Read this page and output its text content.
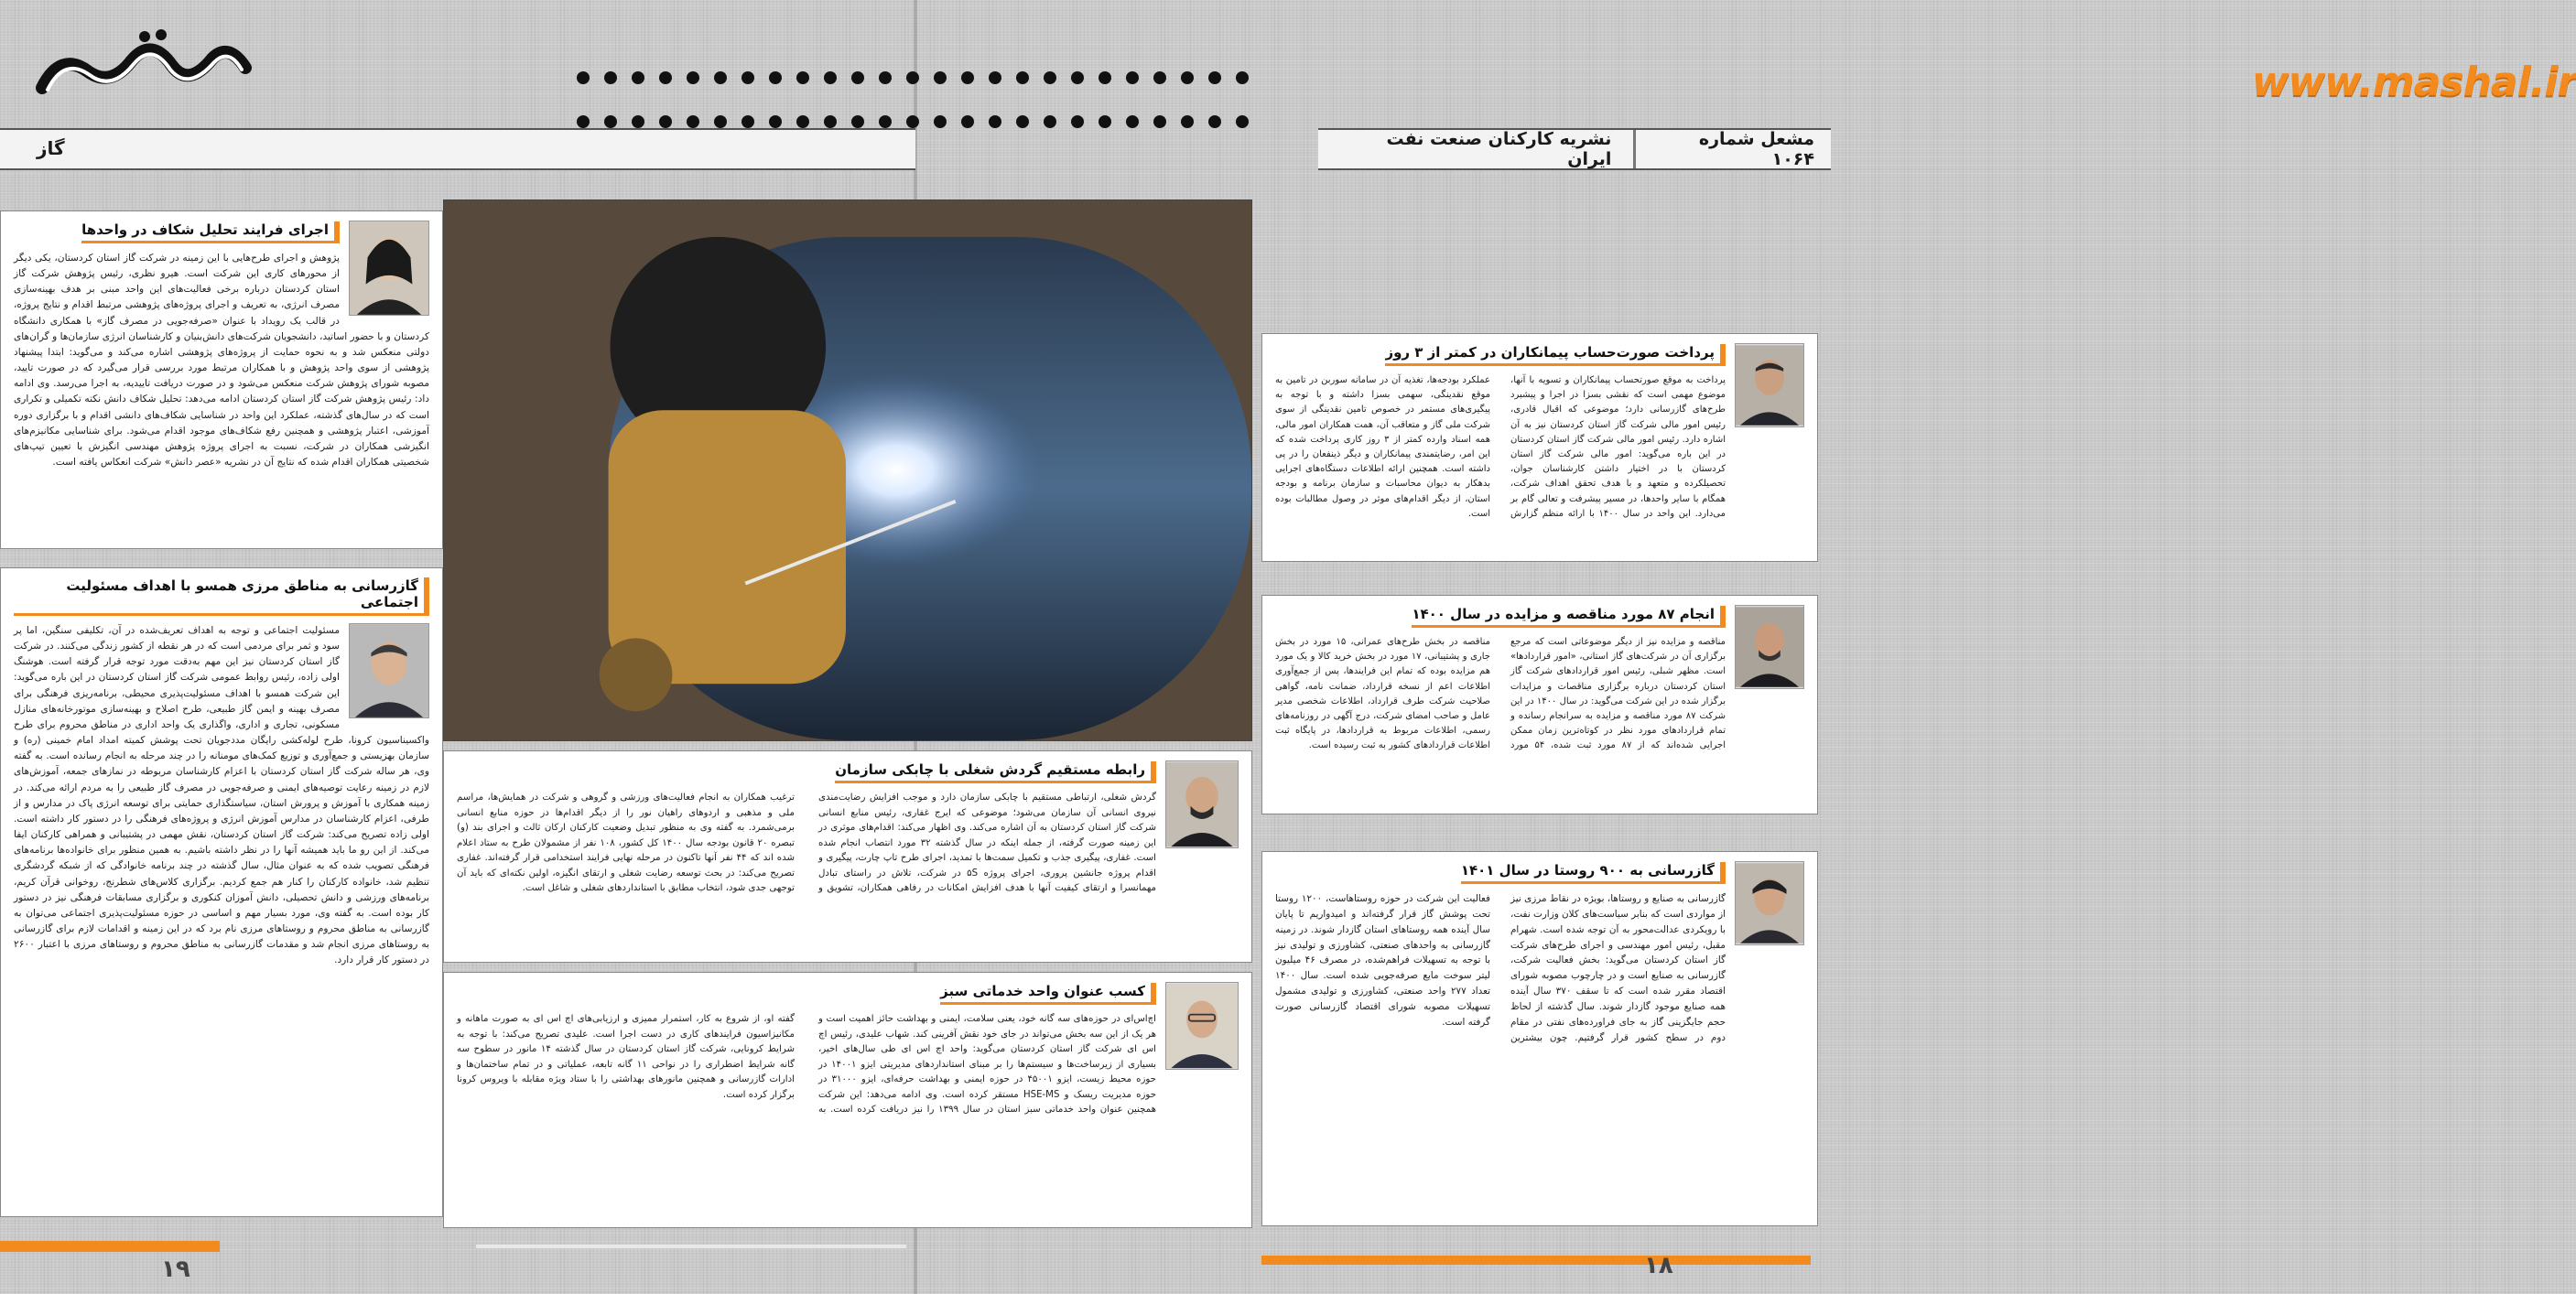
گاز
اجرای فرایند تحلیل شکاف در واحدها

پژوهش و اجرای طرح‌هایی با این زمینه در شرکت گاز استان کردستان، یکی دیگر از محورهای کاری این شرکت است. هیرو نظری، رئیس پژوهش شرکت گاز استان کردستان درباره برخی فعالیت‌های این واحد مبنی بر هدف بهینه‌سازی مصرف انرژی، به تعریف و اجرای پروژه‌های پژوهشی مرتبط اقدام و نتایج پروژه، در قالب یک رویداد با عنوان «صرفه‌جویی در مصرف گاز» با همکاری دانشگاه کردستان و با حضور اساتید، دانشجویان شرکت‌های دانش‌بنیان و کارشناسان انرژی سازمان‌ها و گران‌های دولتی منعکس شد و به نحوه حمایت از پروژه‌های پژوهشی اشاره می‌کند و می‌گوید: ابتدا پیشنهاد پژوهشی از سوی واحد پژوهش و با همکاران مرتبط مورد بررسی قرار می‌گیرد که در صورت تایید، مصوبه شورای پژوهش شرکت منعکس می‌شود و در صورت دریافت تاییدیه، به اجرا می‌رسد. وی ادامه داد: رئیس پژوهش شرکت گاز استان کردستان ادامه می‌دهد: تحلیل شکاف دانش نکته تکمیلی و تکراری است که در سال‌های گذشته، عملکرد این واحد در شناسایی شکاف‌های دانشی اقدام و با برگزاری دوره آموزشی، اعتبار پژوهشی و همچنین رفع شکاف‌های موجود اقدام می‌شود. برای شناسایی مکانیزم‌های انگیزشی همکاران در شرکت، نسبت به اجرای پروژه پژوهش مهندسی انگیزش با تعیین تیپ‌های شخصیتی همکاران اقدام شده که نتایج آن در نشریه «عصر دانش» شرکت انعکاس یافته است.

گازرسانی به مناطق مرزی همسو با اهداف مسئولیت اجتماعی

مسئولیت اجتماعی و توجه به اهداف تعریف‌شده در آن، تکلیفی سنگین، اما پر سود و ثمر برای مردمی است که در هر نقطه از کشور زندگی می‌کنند. در شرکت گاز استان کردستان نیز این مهم به‌دقت مورد توجه قرار گرفته است. هوشنگ اولی زاده، رئیس روابط عمومی شرکت گاز استان کردستان در این باره می‌گوید: این شرکت همسو با اهداف مسئولیت‌پذیری محیطی، برنامه‌ریزی فرهنگی برای مصرف بهینه و ایمن گاز طبیعی، طرح اصلاح و بهینه‌سازی موتورخانه‌های منازل مسکونی، تجاری و اداری، واگذاری یک واحد اداری در مناطق محروم برای طرح واکسیناسیون کرونا، طرح لوله‌کشی رایگان مددجویان تحت پوشش کمیته امداد امام خمینی (ره) و سازمان بهزیستی و جمع‌آوری و توزیع کمک‌های مومنانه را در چند مرحله به انجام رسانده است. به گفته وی، هر ساله شرکت گاز استان کردستان با اعزام کارشناسان مربوطه در نمازهای جمعه، آموزش‌های لازم در زمینه رعایت توصیه‌های ایمنی و صرفه‌جویی در مصرف گاز طبیعی را به مردم ارائه می‌کند. در زمینه همکاری با آموزش و پرورش استان، سیاستگذاری حمایتی برای توسعه انرژی پاک در مدارس و از طرفی، اعزام کارشناسان در مدارس آموزش انرژی و پروژه‌های فرهنگی را در دستور کار داشته است. اولی زاده تصریح می‌کند: شرکت گاز استان کردستان، نقش مهمی در پشتیبانی و همراهی کارکنان ایفا می‌کند. از این رو ما باید همیشه آنها را در نظر داشته باشیم. به همین منظور برای خانواده‌ها برنامه‌های فرهنگی تصویب شده که به عنوان مثال، سال گذشته در چند برنامه خانوادگی که از شبکه گردشگری تنظیم شد، خانواده کارکنان را کنار هم جمع کردیم. برگزاری کلاس‌های شطرنج، روخوانی قرآن کریم، برنامه‌های ورزشی و دانش تحصیلی، دانش آموزان کنکوری و برگزاری مسابقات فرهنگی نیز در دستور کار بوده است. به گفته وی، مورد بسیار مهم و اساسی در حوزه مسئولیت‌پذیری اجتماعی می‌توان به گازرسانی به مناطق محروم و روستاهای مرزی نام برد که در این زمینه و اقدامات لازم برای گازرسانی به روستاهای مرزی انجام شد و مقدمات گازرسانی به مناطق محروم و روستاهای مرزی با اعتبار ۲۶۰۰ در دستور کار قرار دارد.

۱۹
رابطه مستقیم گردش شغلی با چابکی سازمان

گردش شغلی، ارتباطی مستقیم با چابکی سازمان دارد و موجب افزایش رضایت‌مندی نیروی انسانی آن سازمان می‌شود؛ موضوعی که ایرج غفاری، رئیس منابع انسانی شرکت گاز استان کردستان به آن اشاره می‌کند. وی اظهار می‌کند: اقدام‌های موثری در این زمینه صورت گرفته، از جمله اینکه در سال گذشته ۳۲ مورد انتصاب انجام شده است. غفاری، پیگیری جذب و تکمیل سمت‌ها با تمدید، اجرای طرح تاپ چارت، پیگیری و اقدام پروژه جانشین پروری، اجرای پروژه ۵S در شرکت، تلاش در راستای تبادل مهمانسرا و ارتقای کیفیت آنها با هدف افزایش امکانات در رفاهی همکاران، تشویق و ترغیب همکاران به انجام فعالیت‌های ورزشی و گروهی و شرکت در همایش‌ها، مراسم ملی و مذهبی و اردوهای راهیان نور را از دیگر اقدام‌ها در حوزه منابع انسانی برمی‌شمرد. به گفته وی به منظور تبدیل وضعیت کارکنان ارکان ثالث و اجرای بند (و) تبصره ۲۰ قانون بودجه سال ۱۴۰۰ کل کشور، ۱۰۸ نفر از مشمولان طرح به ستاد اعلام شده اند که ۴۴ نفر آنها تاکنون در مرحله نهایی فرایند استخدامی قرار گرفته‌اند. غفاری تصریح می‌کند: در بحث توسعه رضایت شغلی و ارتقای انگیزه، اولین نکته‌ای که باید آن توجهی جدی شود، انتخاب مطابق با استانداردهای شغلی و شاغل است.

کسب عنوان واحد خدماتی سبز

اچ‌اس‌ای در حوزه‌های سه گانه خود، یعنی سلامت، ایمنی و بهداشت حائز اهمیت است و هر یک از این سه بخش می‌تواند در جای خود نقش آفرینی کند. شهاب علیدی، رئیس اچ اس ای شرکت گاز استان کردستان می‌گوید: واحد اچ اس ای طی سال‌های اخیر، بسیاری از زیرساخت‌ها و سیستم‌ها را بر مبنای استانداردهای مدیریتی ایزو ۱۴۰۰۱ در حوزه محیط زیست، ایزو ۴۵۰۰۱ در حوزه ایمنی و بهداشت حرفه‌ای، ایزو ۳۱۰۰۰ در حوزه مدیریت ریسک و HSE-MS مستقر کرده است. وی ادامه می‌دهد: این شرکت همچنین عنوان واحد خدماتی سبز استان در سال ۱۳۹۹ را نیز دریافت کرده است. به گفته او، از شروع به کار، استمرار ممیزی و ارزیابی‌های اچ اس ای به صورت ماهانه و مکانیزاسیون فرایندهای کاری در دست اجرا است. علیدی تصریح می‌کند: با توجه به شرایط کرونایی، شرکت گاز استان کردستان در سال گذشته ۱۴ مانور در سطوح سه گانه شرایط اضطراری را در نواحی ۱۱ گانه تابعه، عملیاتی و در تمام ساختمان‌ها و ادارات گازرسانی و همچنین مانورهای بهداشتی را با ستاد ویژه مقابله با ویروس کرونا برگزار کرده است.

www.mashal.ir
مشعل شماره ۱۰۶۴
نشریه کارکنان صنعت نفت ایران
پرداخت صورت‌حساب پیمانکاران در کمتر از ۳ روز

پرداخت به موقع صورتحساب پیمانکاران و تسویه با آنها، موضوع مهمی است که نقشی بسزا در اجرا و پیشبرد طرح‌های گازرسانی دارد؛ موضوعی که اقبال قادری، رئیس امور مالی شرکت گاز استان کردستان نیز به آن اشاره دارد. رئیس امور مالی شرکت گاز استان کردستان در این باره می‌گوید: امور مالی شرکت گاز استان کردستان با در اختیار داشتن کارشناسان جوان، تحصیلکرده و متعهد و با هدف تحقق اهداف شرکت، همگام با سایر واحدها، در مسیر پیشرفت و تعالی گام بر می‌دارد. این واحد در سال ۱۴۰۰ با ارائه منظم گزارش عملکرد بودجه‌ها، تغذیه آن در سامانه سوربن در تامین به موقع نقدینگی، سهمی بسزا داشته و با توجه به پیگیری‌های مستمر در خصوص تامین نقدینگی از سوی شرکت ملی گاز و متعاقب آن، همت همکاران امور مالی، همه اسناد وارده کمتر از ۳ روز کاری پرداخت شده که این امر، رضایتمندی پیمانکاران و دیگر ذینفعان را در پی داشته است. همچنین ارائه اطلاعات دستگاه‌های اجرایی بدهکار به دیوان محاسبات و سازمان برنامه و بودجه استان، از دیگر اقدام‌های موثر در وصول مطالبات بوده است.

انجام ۸۷ مورد مناقصه و مزایده در سال ۱۴۰۰

مناقصه و مزایده نیز از دیگر موضوعاتی است که مرجع برگزاری آن در شرکت‌های گاز استانی، «امور قراردادها» است. مظهر شبلی، رئیس امور قراردادهای شرکت گاز استان کردستان درباره برگزاری مناقصات و مزایدات برگزار شده در این شرکت می‌گوید: در سال ۱۴۰۰ در این شرکت ۸۷ مورد مناقصه و مزایده به سرانجام رسانده و تمام قراردادهای مورد نظر در کوتاه‌ترین زمان ممکن اجرایی شده‌اند که از ۸۷ مورد ثبت شده، ۵۴ مورد مناقصه در بخش طرح‌های عمرانی، ۱۵ مورد در بخش جاری و پشتیبانی، ۱۷ مورد در بخش خرید کالا و یک مورد هم مزایده بوده که تمام این فرایندها، پس از جمع‌آوری اطلاعات اعم از نسخه قرارداد، ضمانت نامه، گواهی صلاحیت شرکت طرف قرارداد، اطلاعات شخصی مدیر عامل و صاحب امضای شرکت، درج آگهی در روزنامه‌های رسمی، اطلاعات مربوط به قراردادها، در پایگاه ثبت اطلاعات قراردادهای کشور به ثبت رسیده است.

گازرسانی به ۹۰۰ روستا در سال ۱۴۰۱

گازرسانی به صنایع و روستاها، بویژه در نقاط مرزی نیز از مواردی است که بنابر سیاست‌های کلان وزارت نفت، با رویکردی عدالت‌محور به آن توجه شده است. شهرام مقبل، رئیس امور مهندسی و اجرای طرح‌های شرکت گاز استان کردستان می‌گوید: بخش فعالیت شرکت، گازرسانی به صنایع است و در چارچوب مصوبه شورای اقتصاد مقرر شده است که تا سقف ۳۷۰ سال آینده همه صنایع موجود گازدار شوند. سال گذشته از لحاظ حجم جایگزینی گاز به جای فراورده‌های نفتی در مقام دوم در سطح کشور قرار گرفتیم. چون بیشترین فعالیت این شرکت در حوزه روستاهاست، ۱۲۰۰ روستا تحت پوشش گاز قرار گرفته‌اند و امیدواریم تا پایان سال آینده همه روستاهای استان گازدار شوند. در زمینه گازرسانی به واحدهای صنعتی، کشاورزی و تولیدی نیز با توجه به تسهیلات فراهم‌شده، در مصرف ۴۶ میلیون لیتر سوخت مایع صرفه‌جویی شده است. سال ۱۴۰۰ تعداد ۲۷۷ واحد صنعتی، کشاورزی و تولیدی مشمول تسهیلات مصوبه شورای اقتصاد گازرسانی صورت گرفته است.

۱۸
